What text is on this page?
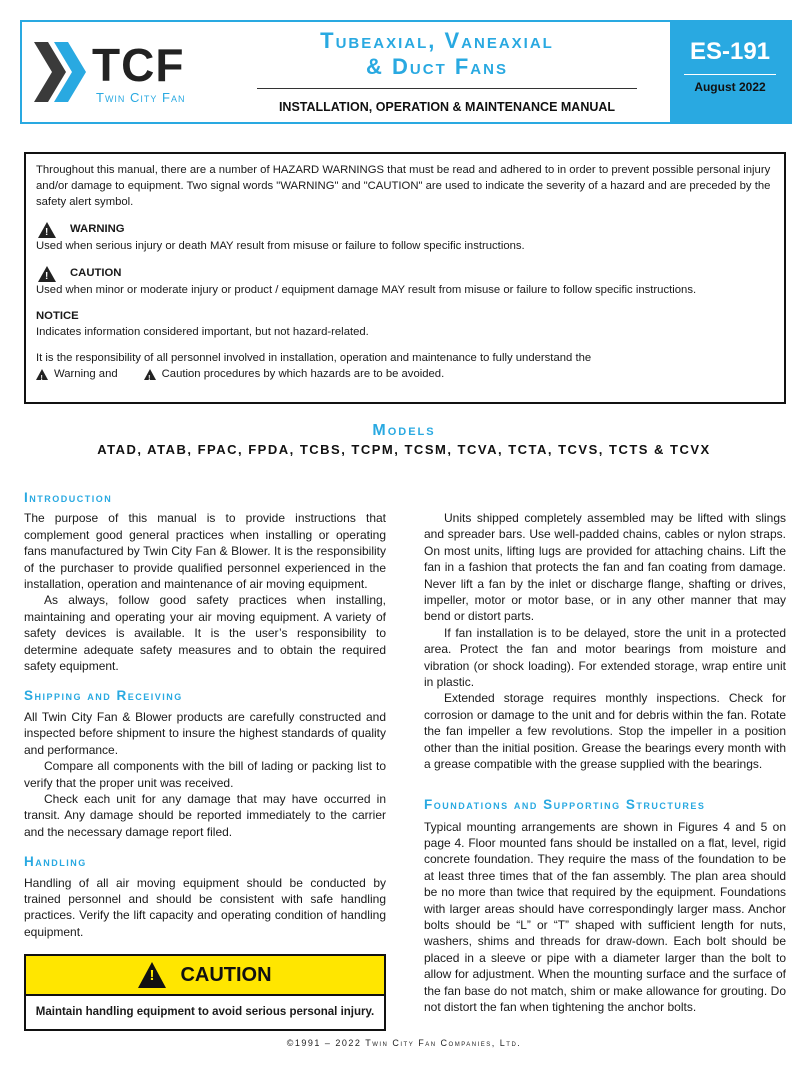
TCF
Twin City Fan
Tubeaxial, Vaneaxial
& Duct Fans
INSTALLATION, OPERATION & MAINTENANCE MANUAL
ES-191
August 2022

Throughout this manual, there are a number of HAZARD WARNINGS that must be read and adhered to in order to prevent possible personal injury and/or damage to equipment. Two signal words "WARNING" and "CAUTION" are used to indicate the severity of a hazard and are preceded by the safety alert symbol.

!
WARNING

Used when serious injury or death MAY result from misuse or failure to follow specific instructions.

!
CAUTION

Used when minor or moderate injury or product / equipment damage MAY result from misuse or failure to follow specific instructions.

NOTICE

Indicates information considered important, but not hazard-related.

It is the responsibility of all personnel involved in installation, operation and maintenance to fully understand the

!
Warning and
!	Caution procedures by which hazards are to be avoided.

Models
ATAD, ATAB, FPAC, FPDA, TCBS, TCPM, TCSM, TCVA, TCTA, TCVS, TCTS & TCVX
Introduction

The purpose of this manual is to provide instructions that complement good general practices when installing or operating fans manufactured by Twin City Fan & Blower. It is the responsibility of the purchaser to provide qualified personnel experienced in the installation, operation and maintenance of air moving equipment.

As always, follow good safety practices when installing, maintaining and operating your air moving equipment. A variety of safety devices is available. It is the user’s responsibility to determine adequate safety measures and to obtain the required safety equipment.

Shipping and Receiving

All Twin City Fan & Blower products are carefully constructed and inspected before shipment to insure the highest standards of quality and performance.

Compare all components with the bill of lading or packing list to verify that the proper unit was received.

Check each unit for any damage that may have occurred in transit. Any damage should be reported immediately to the carrier and the necessary damage report filed.

Handling

Handling of all air moving equipment should be conducted by trained personnel and should be consistent with safe handling practices. Verify the lift capacity and operating condition of handling equipment.

!
CAUTION
Maintain handling equipment to avoid serious personal injury.

Units shipped completely assembled may be lifted with slings and spreader bars. Use well-padded chains, cables or nylon straps. On most units, lifting lugs are provided for attaching chains. Lift the fan in a fashion that protects the fan and fan coating from damage. Never lift a fan by the inlet or discharge flange, shafting or drives, impeller, motor or motor base, or in any other manner that may bend or distort parts.

If fan installation is to be delayed, store the unit in a protected area. Protect the fan and motor bearings from moisture and vibration (or shock loading). For extended storage, wrap entire unit in plastic.

Extended storage requires monthly inspections. Check for corrosion or damage to the unit and for debris within the fan. Rotate the fan impeller a few revolutions. Stop the impeller in a position other than the initial position. Grease the bearings every month with a grease compatible with the grease supplied with the bearings.

Foundations and Supporting Structures

Typical mounting arrangements are shown in Figures 4 and 5 on page 4. Floor mounted fans should be installed on a flat, level, rigid concrete foundation. They require the mass of the foundation to be at least three times that of the fan assembly. The plan area should be no more than twice that required by the equipment. Foundations with larger areas should have correspondingly larger mass. Anchor bolts should be “L” or “T” shaped with sufficient length for nuts, washers, shims and threads for draw-down. Each bolt should be placed in a sleeve or pipe with a diameter larger than the bolt to allow for adjustment. When the mounting surface and the surface of the fan base do not match, shim or make allowance for grouting. Do not distort the fan when tightening the anchor bolts.

©1991 – 2022 Twin City Fan Companies, Ltd.
